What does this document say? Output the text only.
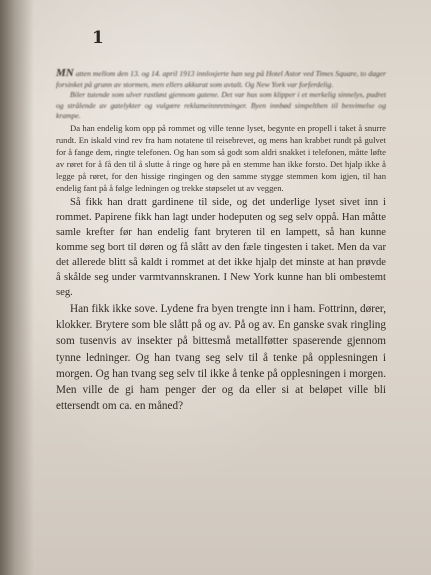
1

MN atten mellom den 13. og 14. april 1913 innlosjerte han seg på Hotel Astor ved Times Square, to dager forsinket på grunn av stormen, men ellers akkurat som avtalt. Og New York var forferdelig.

Biler tutende som ulver rastløst gjennom gatene. Det var hus som klipper i et merkelig sinnelys, pudret og strålende av gatelykter og vulgære reklameinnretninger. Byen innbød simpelthen til besvimelse og krampe.

Da han endelig kom opp på rommet og ville tenne lyset, begynte en propell i taket å snurre rundt. En iskald vind rev fra ham notatene til reisebrevet, og mens han krabbet rundt på gulvet for å fange dem, ringte telefonen. Og han som så godt som aldri snakket i telefonen, måtte løfte av røret for å få den til å slutte å ringe og høre på en stemme han ikke forsto. Det hjalp ikke å legge på røret, for den hissige ringingen og den samme stygge stemmen kom igjen, til han endelig fant på å følge ledningen og trekke støpselet ut av veggen.

Så fikk han dratt gardinene til side, og det underlige lyset sivet inn i rommet. Papirene fikk han lagt under hodeputen og seg selv oppå. Han måtte samle krefter før han endelig fant bryteren til en lampett, så han kunne komme seg bort til døren og få slått av den fæle tingesten i taket. Men da var det allerede blitt så kaldt i rommet at det ikke hjalp det minste at han prøvde å skålde seg under varmtvannskranen. I New York kunne han bli ombestemt seg.

Han fikk ikke sove. Lydene fra byen trengte inn i ham. Fottrinn, dører, klokker. Brytere som ble slått på og av. På og av. En ganske svak ringling som tusenvis av insekter på bittesmå metallføtter spaserende gjennom tynne ledninger. Og han tvang seg selv til å tenke på opplesningen i morgen. Og han tvang seg selv til ikke å tenke på opplesningen i morgen. Men ville de gi ham penger der og da eller si at beløpet ville bli ettersendt om ca. en måned?
